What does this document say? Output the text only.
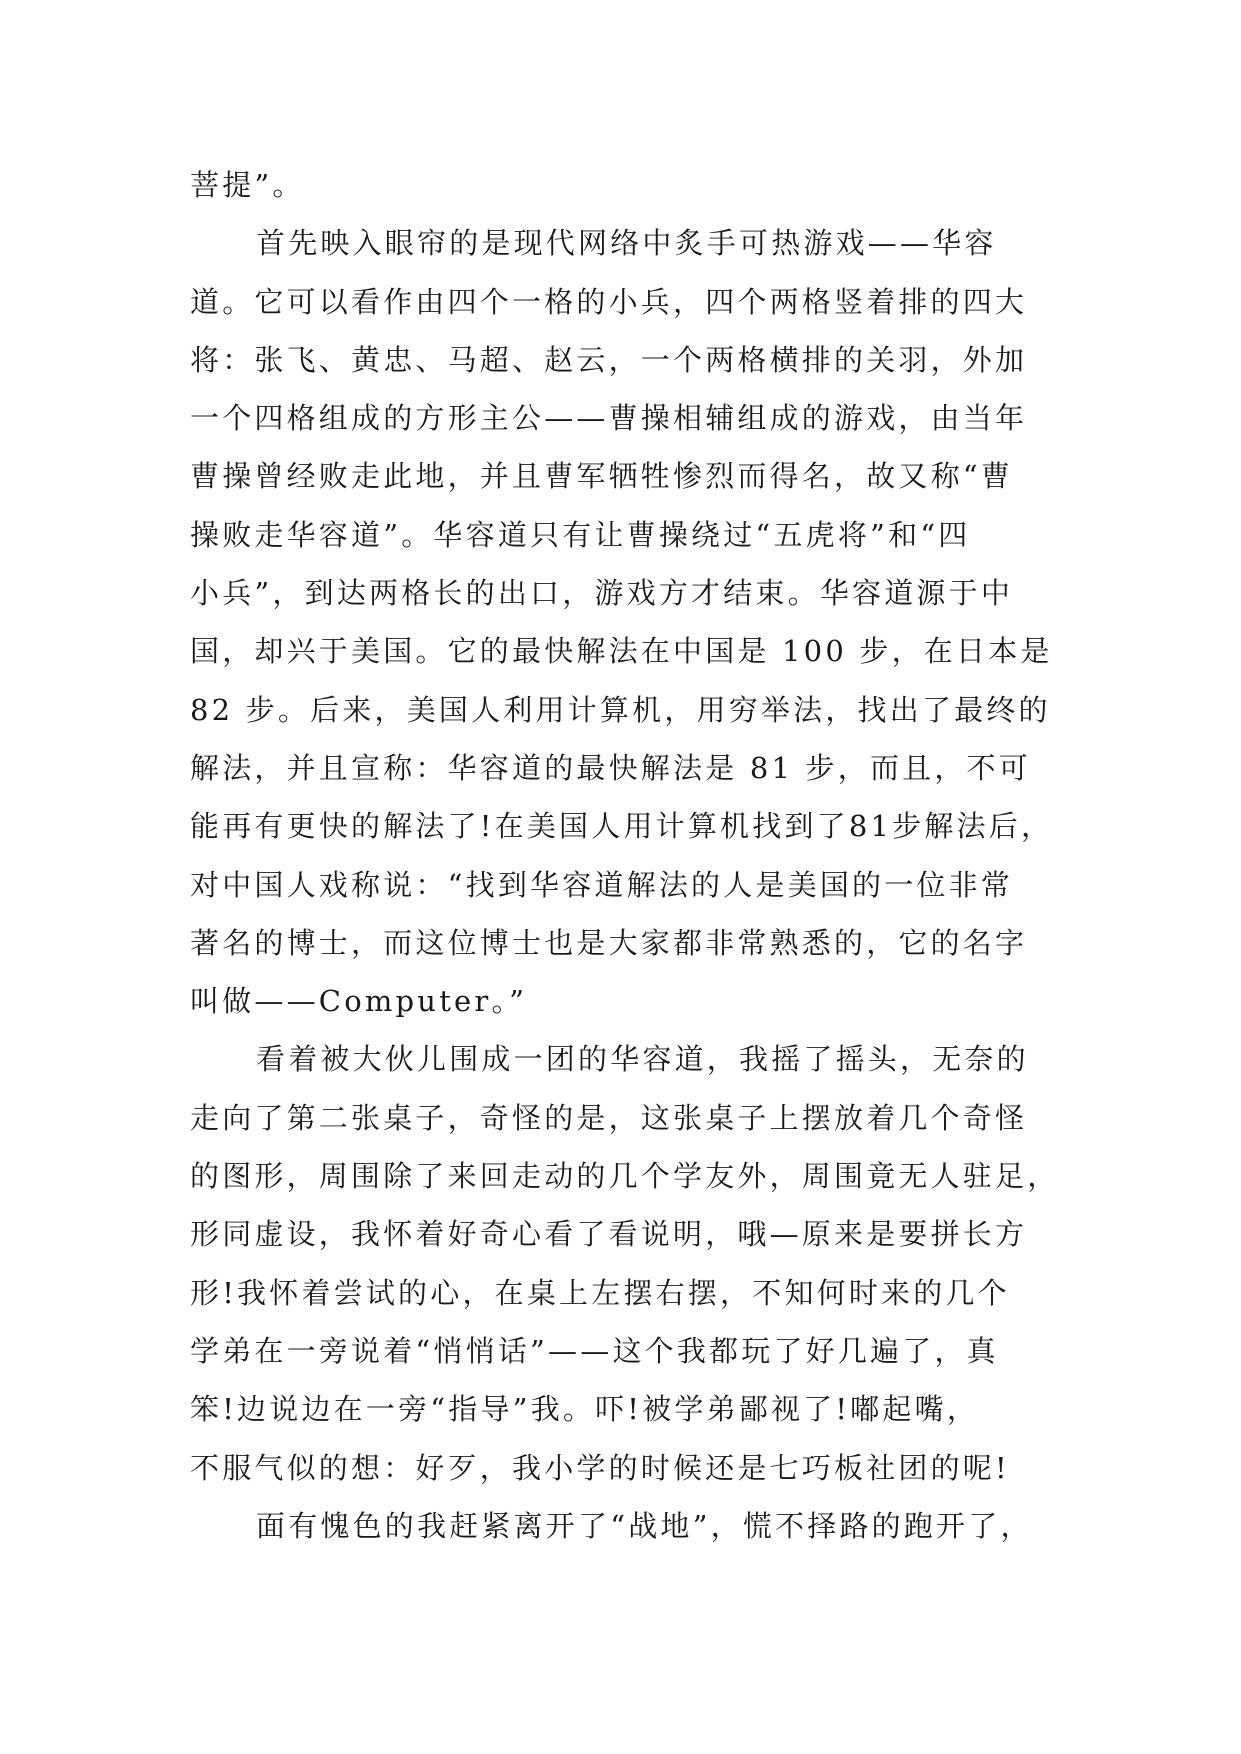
菩提”。
首先映入眼帘的是现代网络中炙手可热游戏——华容
道。它可以看作由四个一格的小兵，四个两格竖着排的四大
将：张飞、黄忠、马超、赵云，一个两格横排的关羽，外加
一个四格组成的方形主公——曹操相辅组成的游戏，由当年
曹操曾经败走此地，并且曹军牺牲惨烈而得名，故又称“曹
操败走华容道”。华容道只有让曹操绕过“五虎将”和“四
小兵”，到达两格长的出口，游戏方才结束。华容道源于中
国，却兴于美国。它的最快解法在中国是 100 步，在日本是
82 步。后来，美国人利用计算机，用穷举法，找出了最终的
解法，并且宣称：华容道的最快解法是 81 步，而且，不可
能再有更快的解法了!在美国人用计算机找到了81步解法后，
对中国人戏称说：“找到华容道解法的人是美国的一位非常
著名的博士，而这位博士也是大家都非常熟悉的，它的名字
叫做——Computer。”
看着被大伙儿围成一团的华容道，我摇了摇头，无奈的
走向了第二张桌子，奇怪的是，这张桌子上摆放着几个奇怪
的图形，周围除了来回走动的几个学友外，周围竟无人驻足，
形同虚设，我怀着好奇心看了看说明，哦—原来是要拼长方
形!我怀着尝试的心，在桌上左摆右摆，不知何时来的几个
学弟在一旁说着“悄悄话”——这个我都玩了好几遍了，真
笨!边说边在一旁“指导”我。吓!被学弟鄙视了!嘟起嘴，
不服气似的想：好歹，我小学的时候还是七巧板社团的呢!
面有愧色的我赶紧离开了“战地”，慌不择路的跑开了，
